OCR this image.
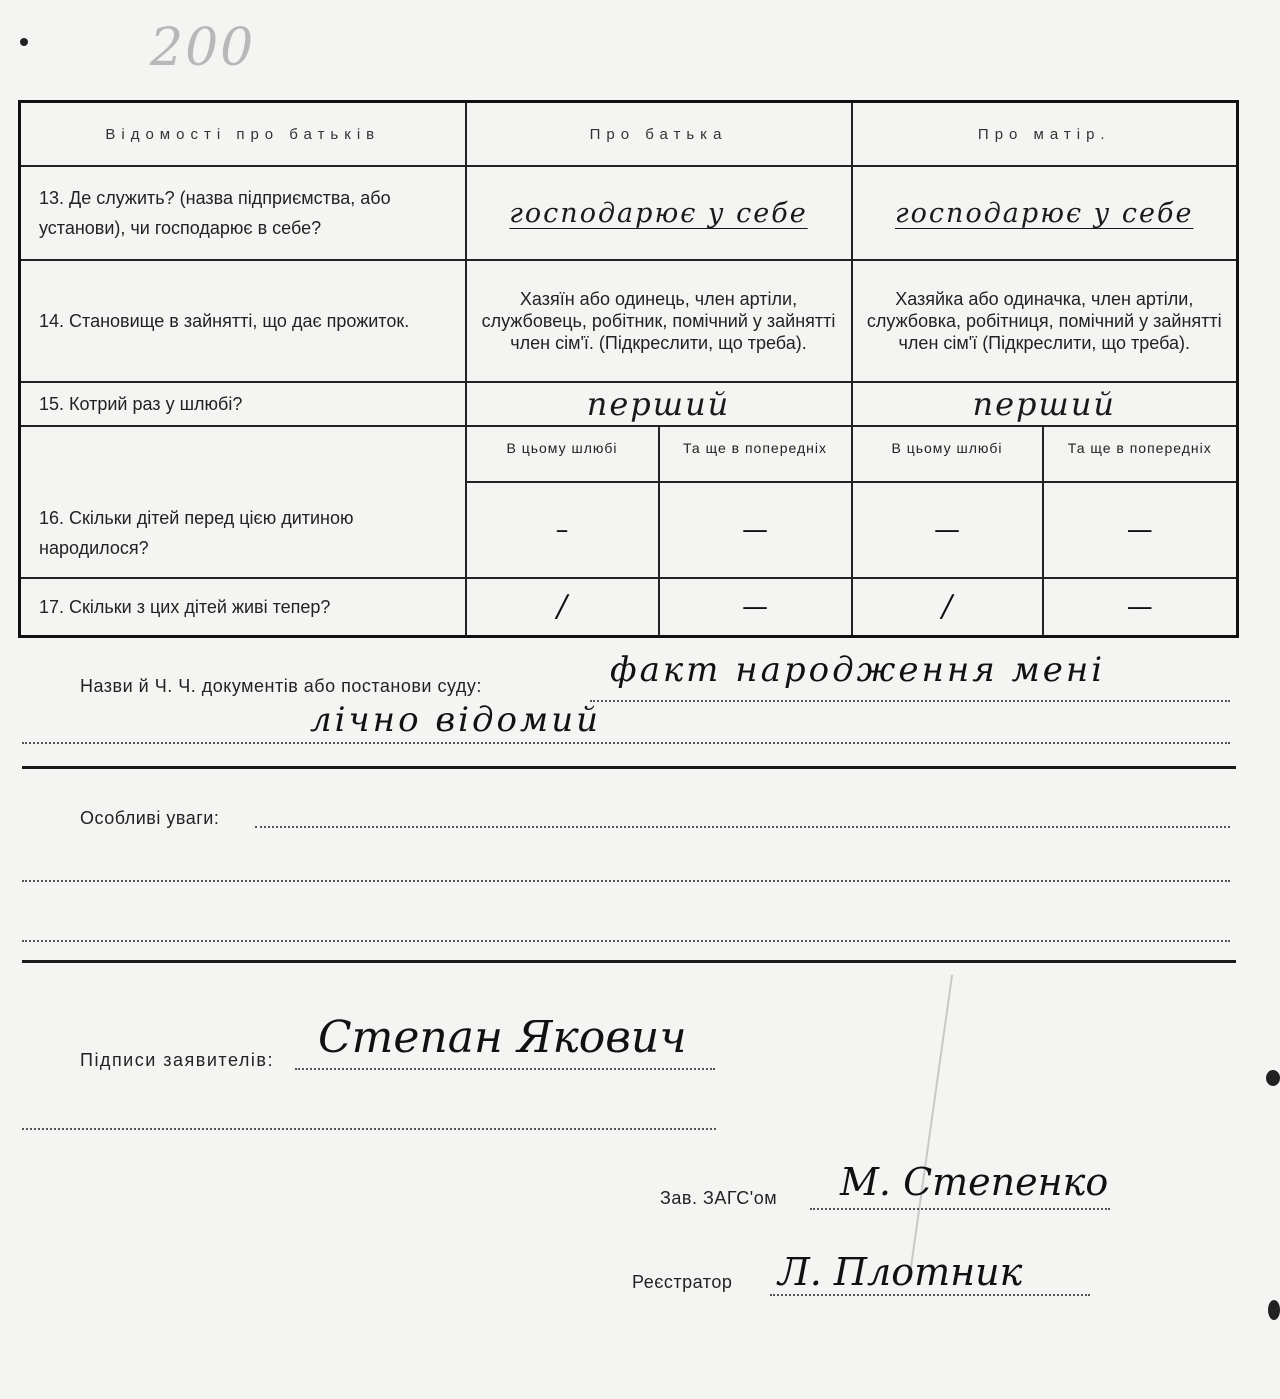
200
Відомості про батьків	Про батька		Про матір.	
13. Де служить? (назва підприємства, або установи), чи господарює в себе?	господарює у себе		господарює у себе	
14. Становище в зайнятті, що дає прожиток.	Хазяїн або одинець, член артіли, службовець, робітник, помічний у зайнятті член сім'ї. (Підкреслити, що треба).		Хазяйка або одиначка, член артіли, службовка, робітниця, помічний у зайнятті член сім'ї (Підкреслити, що треба).	
15. Котрий раз у шлюбі?	перший		перший	
16. Скільки дітей перед цією дитиною народилося?	В цьому шлюбі	Та ще в попередніх	В цьому шлюбі	Та ще в попередніх
	–	—	—	—
17. Скільки з цих дітей живі тепер?	/	—	/	—
Назви й Ч. Ч. документів або постанови суду:	факт народження мені
лічно відомий
Особливі уваги:
Підписи заявителів: Степан Якович
Зав. ЗАГС'ом М. Степенко
Реєстратор Л. Плотник
